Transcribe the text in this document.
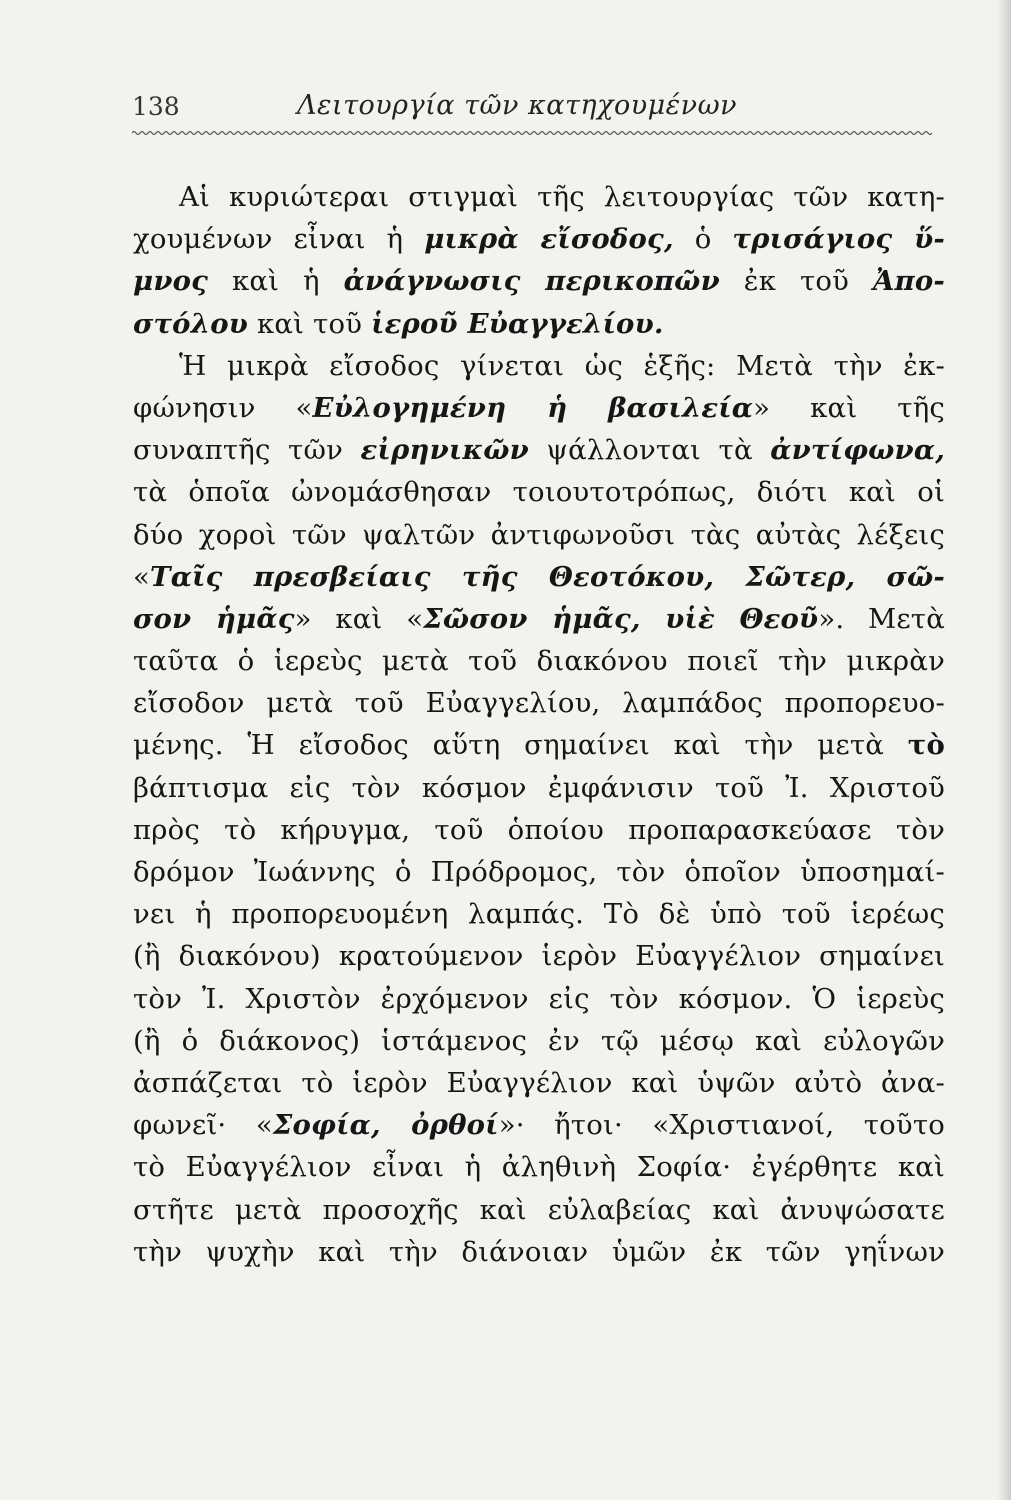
138	Λειτουργία τῶν κατηχουμένων
Αἱ κυριώτεραι στιγμαὶ τῆς λειτουργίας τῶν κατη-
χουμένων εἶναι ἡ μικρὰ εἴσοδος, ὁ τρισάγιος ὕ-
μνος καὶ ἡ ἀνάγνωσις περικοπῶν ἐκ τοῦ Ἀπο-
στόλου καὶ τοῦ ἱεροῦ Εὐαγγελίου.
Ἡ μικρὰ εἴσοδος γίνεται ὡς ἑξῆς: Μετὰ τὴν ἐκ-
φώνησιν «Εὐλογημένη ἡ βασιλεία» καὶ τῆς
συναπτῆς τῶν εἰρηνικῶν ψάλλονται τὰ ἀντίφωνα,
τὰ ὁποῖα ὠνομάσθησαν τοιουτοτρόπως, διότι καὶ οἱ
δύο χοροὶ τῶν ψαλτῶν ἀντιφωνοῦσι τὰς αὐτὰς λέξεις
«Ταῖς πρεσβείαις τῆς Θεοτόκου, Σῶτερ, σῶ-
σον ἡμᾶς» καὶ «Σῶσον ἡμᾶς, υἱὲ Θεοῦ». Μετὰ
ταῦτα ὁ ἱερεὺς μετὰ τοῦ διακόνου ποιεῖ τὴν μικρὰν
εἴσοδον μετὰ τοῦ Εὐαγγελίου, λαμπάδος προπορευο-
μένης. Ἡ εἴσοδος αὕτη σημαίνει καὶ τὴν μετὰ τὸ
βάπτισμα εἰς τὸν κόσμον ἐμφάνισιν τοῦ Ἰ. Χριστοῦ
πρὸς τὸ κήρυγμα, τοῦ ὁποίου προπαρασκεύασε τὸν
δρόμον Ἰωάννης ὁ Πρόδρομος, τὸν ὁποῖον ὑποσημαί-
νει ἡ προπορευομένη λαμπάς. Τὸ δὲ ὑπὸ τοῦ ἱερέως
(ἢ διακόνου) κρατούμενον ἱερὸν Εὐαγγέλιον σημαίνει
τὸν Ἰ. Χριστὸν ἐρχόμενον εἰς τὸν κόσμον. Ὁ ἱερεὺς
(ἢ ὁ διάκονος) ἱστάμενος ἐν τῷ μέσῳ καὶ εὐλογῶν
ἀσπάζεται τὸ ἱερὸν Εὐαγγέλιον καὶ ὑψῶν αὐτὸ ἀνα-
φωνεῖ· «Σοφία, ὀρθοί»· ἤτοι· «Χριστιανοί, τοῦτο
τὸ Εὐαγγέλιον εἶναι ἡ ἀληθινὴ Σοφία· ἐγέρθητε καὶ
στῆτε μετὰ προσοχῆς καὶ εὐλαβείας καὶ ἀνυψώσατε
τὴν ψυχὴν καὶ τὴν διάνοιαν ὑμῶν ἐκ τῶν γηΐνων
